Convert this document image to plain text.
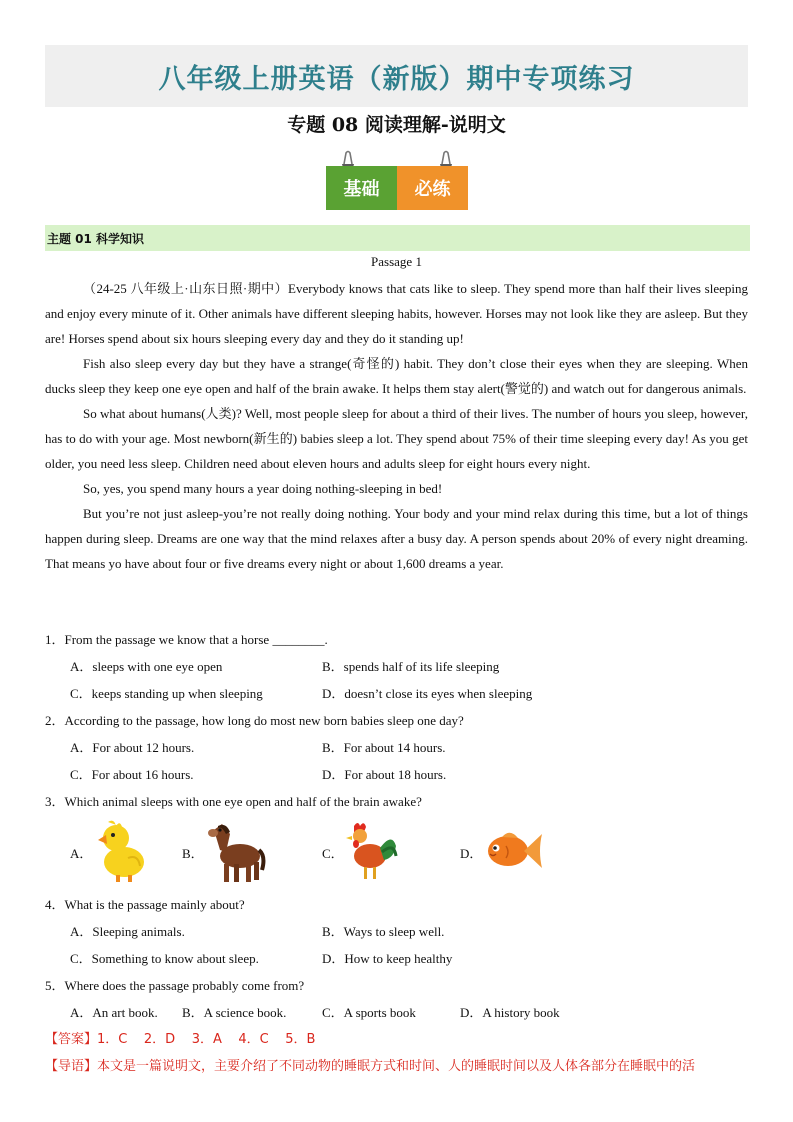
八年级上册英语（新版）期中专项练习
专题 08 阅读理解-说明文
基础	必练
主题 01 科学知识
Passage 1

（24-25 八年级上·山东日照·期中）Everybody knows that cats like to sleep. They spend more than half their lives sleeping and enjoy every minute of it. Other animals have different sleeping habits, however. Horses may not look like they are asleep. But they are! Horses spend about six hours sleeping every day and they do it standing up!

Fish also sleep every day but they have a strange(奇怪的) habit. They don’t close their eyes when they are sleeping. When ducks sleep they keep one eye open and half of the brain awake. It helps them stay alert(警觉的) and watch out for dangerous animals.

So what about humans(人类)? Well, most people sleep for about a third of their lives. The number of hours you sleep, however, has to do with your age. Most newborn(新生的) babies sleep a lot. They spend about 75% of their time sleeping every day! As you get older, you need less sleep. Children need about eleven hours and adults sleep for eight hours every night.

So, yes, you spend many hours a year doing nothing-sleeping in bed!

But you’re not just asleep-you’re not really doing nothing. Your body and your mind relax during this time, but a lot of things happen during sleep. Dreams are one way that the mind relaxes after a busy day. A person spends about 20% of every night dreaming. That means yo have about four or five dreams every night or about 1,600 dreams a year.

1．From the passage we know that a horse ________.
A．sleeps with one eye open	B．spends half of its life sleeping
C．keeps standing up when sleeping	D．doesn’t close its eyes when sleeping
2．According to the passage, how long do most new born babies sleep one day?
A．For about 12 hours.	B．For about 14 hours.
C．For about 16 hours.	D．For about 18 hours.
3．Which animal sleeps with one eye open and half of the brain awake?
A．	B．	C．	D．
4．What is the passage mainly about?
A．Sleeping animals.	B．Ways to sleep well.
C．Something to know about sleep.	D．How to keep healthy
5．Where does the passage probably come from?
A．An art book. B．A science book.	C．A sports book	D．A history book
【答案】1．C    2．D    3．A    4．C    5．B
【导语】本文是一篇说明文，主要介绍了不同动物的睡眠方式和时间、人的睡眠时间以及人体各部分在睡眠中的活
